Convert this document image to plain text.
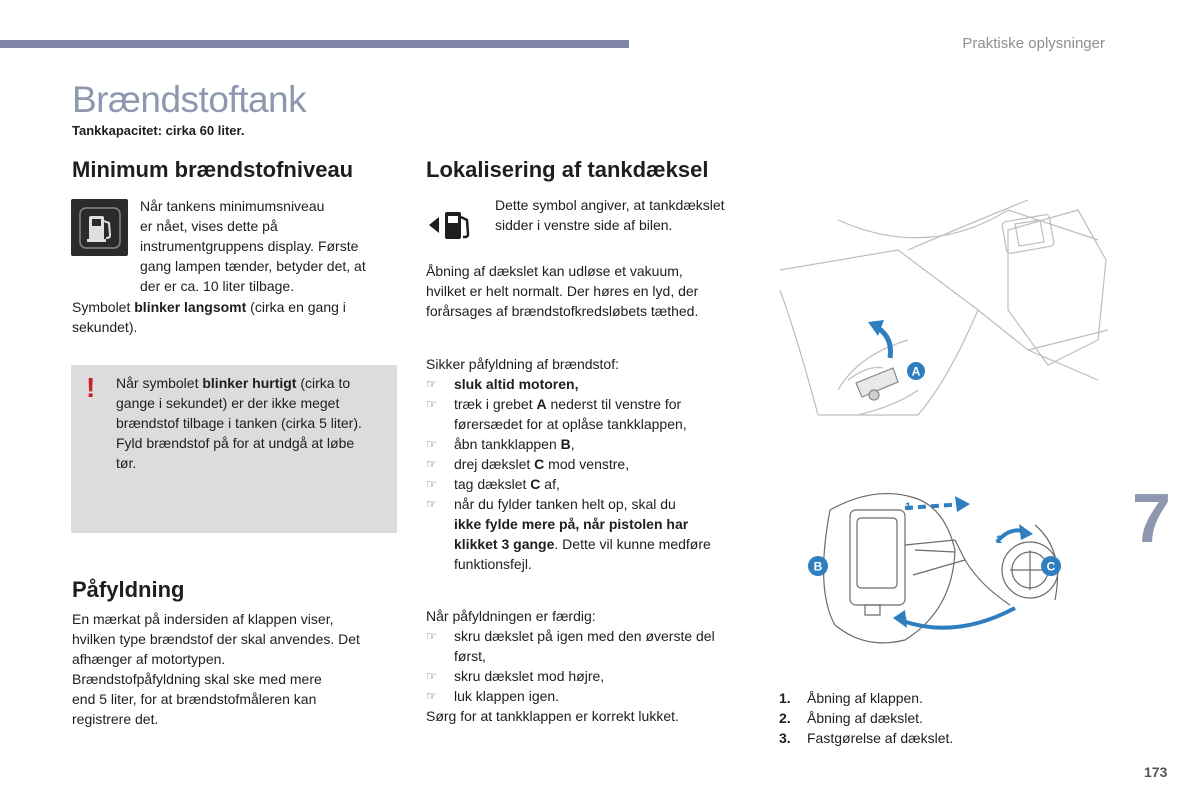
Praktiske oplysninger
Brændstoftank
Tankkapacitet: cirka 60 liter.
Minimum brændstofniveau
Når tankens minimumsniveau
er nået, vises dette på
instrumentgruppens display. Første
gang lampen tænder, betyder det, at
der er ca. 10 liter tilbage.
Symbolet blinker langsomt (cirka en gang i
sekundet).
! Når symbolet blinker hurtigt (cirka to
gange i sekundet) er der ikke meget
brændstof tilbage i tanken (cirka 5 liter).
Fyld brændstof på for at undgå at løbe
tør.
Påfyldning
En mærkat på indersiden af klappen viser,
hvilken type brændstof der skal anvendes. Det
afhænger af motortypen.
Brændstofpåfyldning skal ske med mere
end 5 liter, for at brændstofmåleren kan
registrere det.
Lokalisering af tankdæksel
Dette symbol angiver, at tankdækslet
sidder i venstre side af bilen.
Åbning af dækslet kan udløse et vakuum,
hvilket er helt normalt. Der høres en lyd, der
forårsages af brændstofkredsløbets tæthed.
Sikker påfyldning af brændstof:
☞ sluk altid motoren,
☞ træk i grebet A nederst til venstre for
førersædet for at oplåse tankklappen,
☞ åbn tankklappen B,
☞ drej dækslet C mod venstre,
☞ tag dækslet C af,
☞ når du fylder tanken helt op, skal du
ikke fylde mere på, når pistolen har
klikket 3 gange. Dette vil kunne medføre
funktionsfejl.
Når påfyldningen er færdig:
☞ skru dækslet på igen med den øverste del
først,
☞ skru dækslet mod højre,
☞ luk klappen igen.
Sørg for at tankklappen er korrekt lukket.
A
1
2
3
B	C
1. Åbning af klappen.
2. Åbning af dækslet.
3. Fastgørelse af dækslet.
7
173
